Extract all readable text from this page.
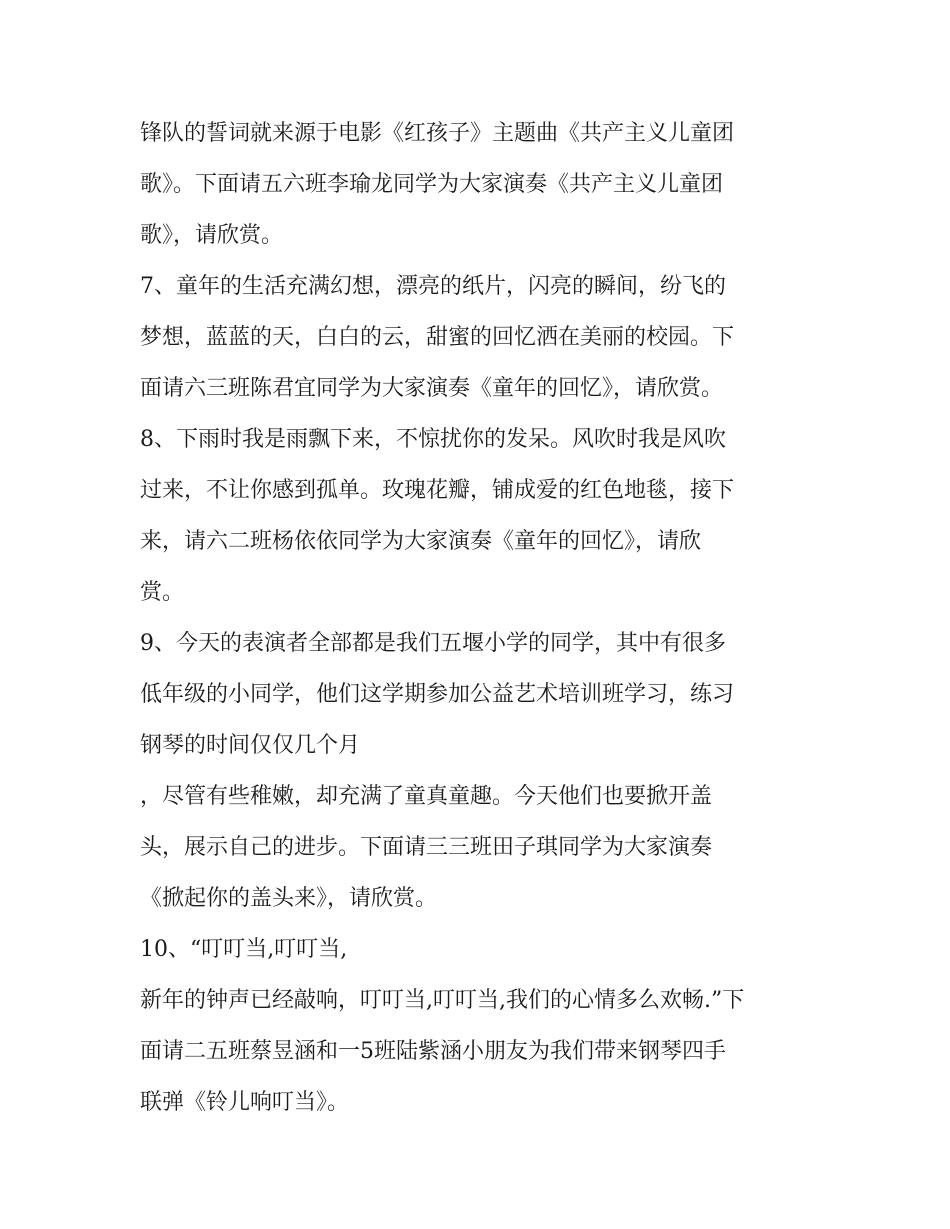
锋队的誓词就来源于电影《红孩子》主题曲《共产主义儿童团
歌》。下面请五六班李瑜龙同学为大家演奏《共产主义儿童团
歌》，请欣赏。
7、童年的生活充满幻想，漂亮的纸片，闪亮的瞬间，纷飞的
梦想，蓝蓝的天，白白的云，甜蜜的回忆洒在美丽的校园。下
面请六三班陈君宜同学为大家演奏《童年的回忆》，请欣赏。
8、下雨时我是雨飘下来，不惊扰你的发呆。风吹时我是风吹
过来，不让你感到孤单。玫瑰花瓣，铺成爱的红色地毯，接下
来，请六二班杨依依同学为大家演奏《童年的回忆》，请欣
赏。
9、今天的表演者全部都是我们五堰小学的同学，其中有很多
低年级的小同学，他们这学期参加公益艺术培训班学习，练习
钢琴的时间仅仅几个月
，尽管有些稚嫩，却充满了童真童趣。今天他们也要掀开盖
头，展示自己的进步。下面请三三班田子琪同学为大家演奏
《掀起你的盖头来》，请欣赏。
10、“叮叮当,叮叮当,
新年的钟声已经敲响，叮叮当,叮叮当,我们的心情多么欢畅.”下
面请二五班蔡昱涵和一5班陆紫涵小朋友为我们带来钢琴四手
联弹《铃儿响叮当》。
